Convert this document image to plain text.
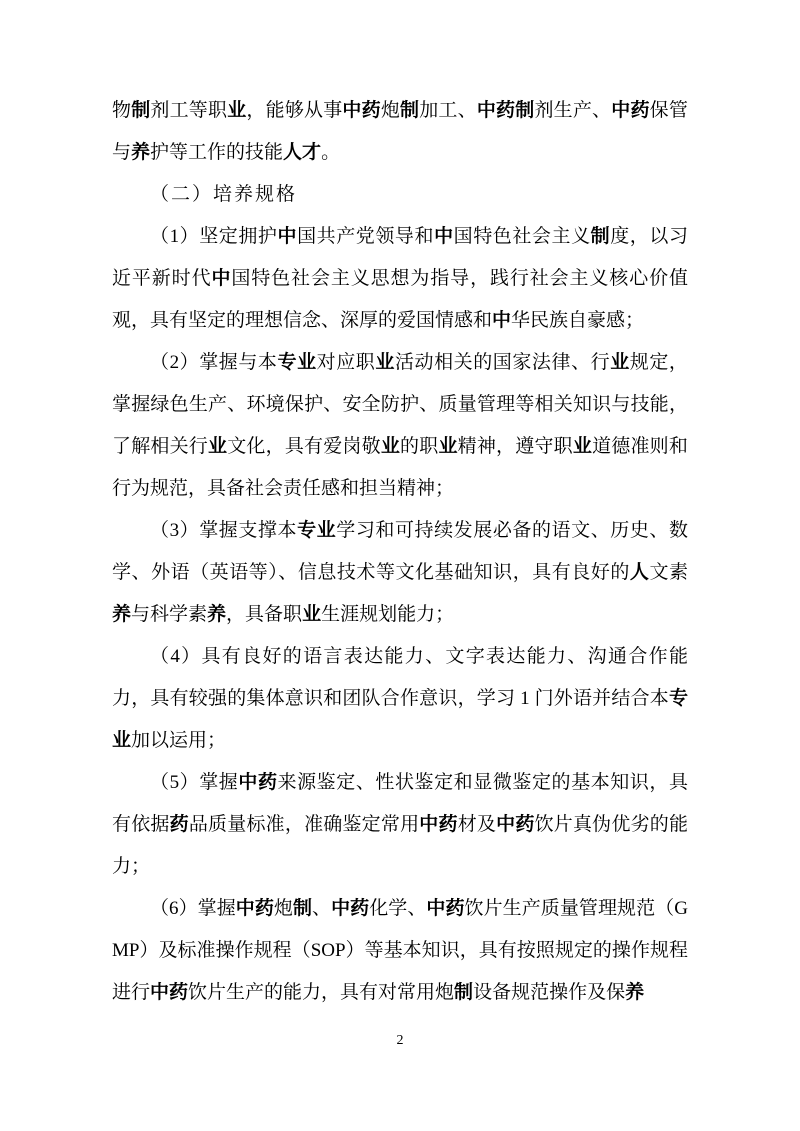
物制剂工等职业，能够从事中药炮制加工、中药制剂生产、中药保管与养护等工作的技能人才。

（二）培养规格

（1）坚定拥护中国共产党领导和中国特色社会主义制度，以习近平新时代中国特色社会主义思想为指导，践行社会主义核心价值观，具有坚定的理想信念、深厚的爱国情感和中华民族自豪感；

（2）掌握与本专业对应职业活动相关的国家法律、行业规定，掌握绿色生产、环境保护、安全防护、质量管理等相关知识与技能，了解相关行业文化，具有爱岗敬业的职业精神，遵守职业道德准则和行为规范，具备社会责任感和担当精神；

（3）掌握支撑本专业学习和可持续发展必备的语文、历史、数学、外语（英语等）、信息技术等文化基础知识，具有良好的人文素养与科学素养，具备职业生涯规划能力；

（4）具有良好的语言表达能力、文字表达能力、沟通合作能力，具有较强的集体意识和团队合作意识，学习 1 门外语并结合本专业加以运用；

（5）掌握中药来源鉴定、性状鉴定和显微鉴定的基本知识，具有依据药品质量标准，准确鉴定常用中药材及中药饮片真伪优劣的能力；

（6）掌握中药炮制、中药化学、中药饮片生产质量管理规范（GMP）及标准操作规程（SOP）等基本知识，具有按照规定的操作规程进行中药饮片生产的能力，具有对常用炮制设备规范操作及保养

2
